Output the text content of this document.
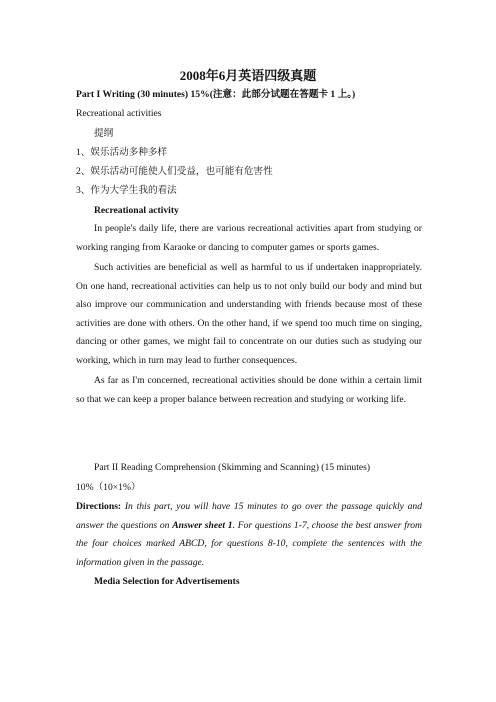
2008年6月英语四级真题
Part I Writing (30 minutes) 15%(注意：此部分试题在答题卡 1 上。)
Recreational activities
提纲
1、娱乐活动多种多样
2、娱乐活动可能使人们受益，也可能有危害性
3、作为大学生我的看法
Recreational activity
In people's daily life, there are various recreational activities apart from studying or working ranging from Karaoke or dancing to computer games or sports games.
Such activities are beneficial as well as harmful to us if undertaken inappropriately. On one hand, recreational activities can help us to not only build our body and mind but also improve our communication and understanding with friends because most of these activities are done with others. On the other hand, if we spend too much time on singing, dancing or other games, we might fail to concentrate on our duties such as studying our working, which in turn may lead to further consequences.
As far as I'm concerned, recreational activities should be done within a certain limit so that we can keep a proper balance between recreation and studying or working life.
Part II Reading Comprehension (Skimming and Scanning) (15 minutes)
10%（10×1%）
Directions: In this part, you will have 15 minutes to go over the passage quickly and answer the questions on Answer sheet 1. For questions 1-7, choose the best answer from the four choices marked ABCD, for questions 8-10, complete the sentences with the information given in the passage.
Media Selection for Advertisements
